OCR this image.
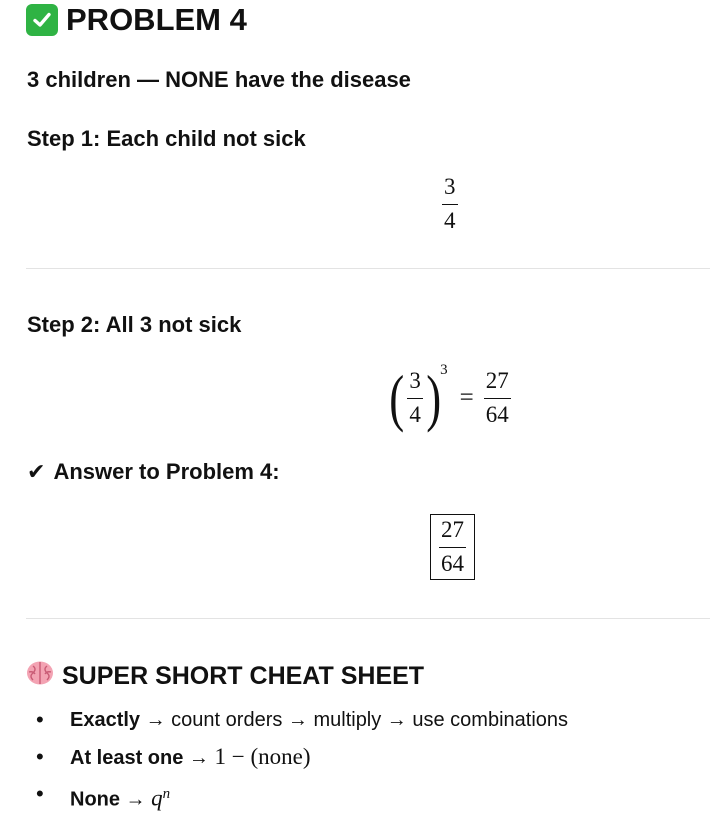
PROBLEM 4
3 children — NONE have the disease
Step 1: Each child not sick
3
4
Step 2: All 3 not sick
( $\frac{3}{4}$ ) 3
= $\frac{27}{64}$
✔ Answer to Problem 4:
$\frac{27}{64}$
SUPER SHORT CHEAT SHEET
• Exactly → count orders → multiply → use combinations
• At least one → 1 − (none)
• None → $q^n$
